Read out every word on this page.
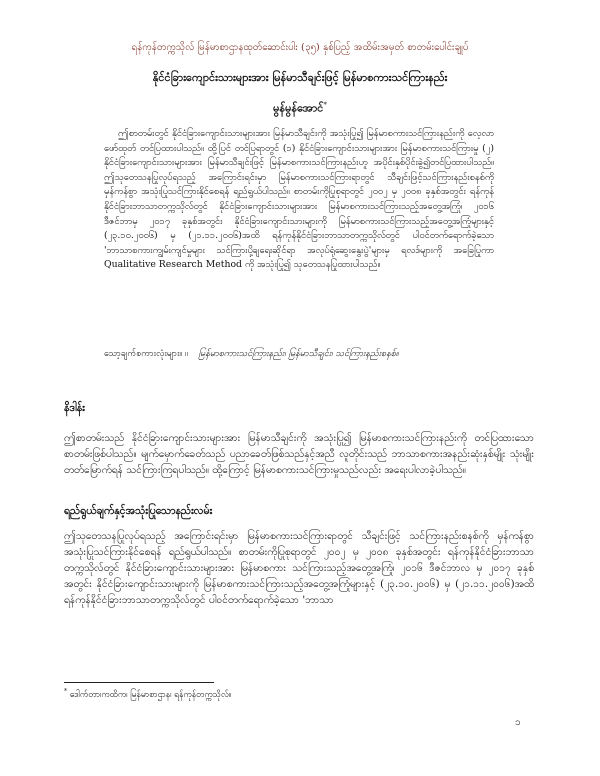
ရန်ကုန်တက္ကသိုလ် မြန်မာစာဌာနထုတ်ဆောင်းပါး (၃၅) နှစ်ပြည့် အထိမ်းအမှတ် စာတမ်းပေါင်းချုပ်
နိုင်ငံခြားကျောင်းသားများအား မြန်မာသီချင်းဖြင့် မြန်မာစကားသင်ကြားနည်း
မွန်မွန်အောင်*
ဤစာတမ်းတွင် နိုင်ငံခြားကျောင်းသားများအား မြန်မာသီချင်းကို အသုံးပြု၍ မြန်မာစကားသင်ကြားနည်းကို လေ့လာဖော်ထုတ် တင်ပြထားပါသည်။ ထို့ပြင် တင်ပြရာတွင် (၁) နိုင်ငံခြားကျောင်းသားများအား မြန်မာစကားသင်ကြားမှု (၂) နိုင်ငံခြားကျောင်းသားများအား မြန်မာသီချင်းဖြင့် မြန်မာစကားသင်ကြားနည်းဟူ အပိုင်းနှစ်ပိုင်းခွဲ၍တင်ပြထားပါသည်။ ဤသုတေသနပြုလုပ်ရသည့် အကြောင်းရင်းမှာ မြန်မာစကားသင်ကြားရာတွင် သီချင်းဖြင့်သင်ကြားနည်းစနစ်ကို မှန်ကန်စွာ အသုံးပြုသင်ကြားနိုင်စေရန် ရည်ရွယ်ပါသည်။ စာတမ်းကိုပြုစုရာတွင် ၂၀၀၂ မှ ၂၀၀၈ ခုနှစ်အတွင်း ရန်ကုန်နိုင်ငံခြားဘာသာတက္ကသိုလ်တွင် နိုင်ငံခြားကျောင်းသားများအား မြန်မာစကားသင်ကြားသည့်အတွေ့အကြုံ၊ ၂၀၁၆ ဒီဇင်ဘာမှ ၂၀၁၇ ခုနှစ်အတွင်း နိုင်ငံခြားကျောင်းသားများကို မြန်မာစကားသင်ကြားသည့်အတွေ့အကြုံများနှင့် (၂၃.၁၀.၂၀၀၆) မှ (၂၁.၁၁.၂၀၀၆)အထိ ရန်ကုန်နိုင်ငံခြားဘာသာတက္ကသိုလ်တွင် ပါဝင်တက်ရောက်ခဲ့သော 'ဘာသာစကားကျွမ်းကျင်မှုများ သင်ကြားပို့ချရေးဆိုင်ရာ အလုပ်ရုံဆွေးနွေးပွဲ'များမှ ရလဒ်များကို အခြေပြုကာ Qualitative Research Method ကို အသုံးပြု၍ သုတေသနပြုထားပါသည်။
သော့ချက်စကားလုံးများ။ ။ မြန်မာစကားသင်ကြားနည်း၊ မြန်မာသီချင်း၊ သင်ကြားနည်းစနစ်။
နိဒါန်း
ဤစာတမ်းသည် နိုင်ငံခြားကျောင်းသားများအား မြန်မာသီချင်းကို အသုံးပြု၍ မြန်မာစကားသင်ကြားနည်းကို တင်ပြထားသောစာတမ်းဖြစ်ပါသည်။ မျက်မှောက်ခေတ်သည် ပညာခေတ်ဖြစ်သည်နှင့်အညီ လူတိုင်းသည် ဘာသာစကားအနည်းဆုံးနှစ်မျိုး သုံးမျိုးတတ်မြောက်ရန် သင်ကြားကြရပါသည်။ ထို့ကြောင့် မြန်မာစကားသင်ကြားမှုသည်လည်း အရေးပါလာခဲ့ပါသည်။
ရည်ရွယ်ချက်နှင့်အသုံးပြုသောနည်းလမ်း
ဤသုတေသနပြုလုပ်ရသည့် အကြောင်းရင်းမှာ မြန်မာစကားသင်ကြားရာတွင် သီချင်းဖြင့် သင်ကြားနည်းစနစ်ကို မှန်ကန်စွာ အသုံးပြုသင်ကြားနိုင်စေရန် ရည်ရွယ်ပါသည်။ စာတမ်းကိုပြုစုရာတွင် ၂၀၀၂ မှ ၂၀၀၈ ခုနှစ်အတွင်း ရန်ကုန်နိုင်ငံခြားဘာသာတက္ကသိုလ်တွင် နိုင်ငံခြားကျောင်းသားများအား မြန်မာစကား သင်ကြားသည့်အတွေ့အကြုံ၊ ၂၀၁၆ ဒီဇင်ဘာလ မှ ၂၀၁၇ ခုနှစ်အတွင်း နိုင်ငံခြားကျောင်းသားများကို မြန်မာစကားသင်ကြားသည့်အတွေ့အကြုံများနှင့် (၂၃.၁၀.၂၀၀၆) မှ (၂၁.၁၁.၂၀၀၆)အထိ ရန်ကုန်နိုင်ငံခြားဘာသာတက္ကသိုလ်တွင် ပါဝင်တက်ရောက်ခဲ့သော 'ဘာသာ
* ဒေါက်တာ၊ကထိက၊ မြန်မာစာဌာန၊ ရန်ကုန်တက္ကသိုလ်။
၁
